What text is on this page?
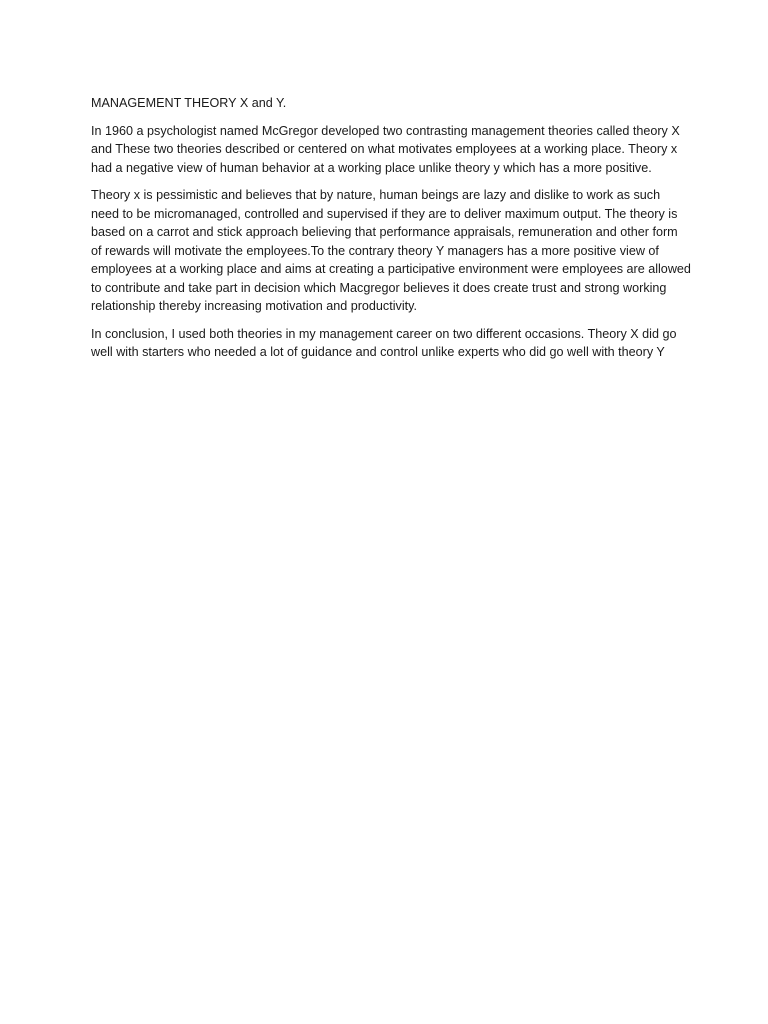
MANAGEMENT THEORY X and Y.

In 1960 a psychologist named McGregor developed two contrasting management theories called theory X and These two theories described or centered on what motivates employees at a working place. Theory x had a negative view of human behavior at a working place unlike theory y which has a more positive.

Theory x is pessimistic and believes that by nature, human beings are lazy and dislike to work as such need to be micromanaged, controlled and supervised if they are to deliver maximum output. The theory is based on a carrot and stick approach believing that performance appraisals, remuneration and other form of rewards will motivate the employees.To the contrary theory Y managers has a more positive view of employees at a working place and aims at creating a participative environment were employees are allowed to contribute and take part in decision which Macgregor believes it does create trust and strong working relationship thereby increasing motivation and productivity.

In conclusion, I used both theories in my management career on two different occasions. Theory X did go well with starters who needed a lot of guidance and control unlike experts who did go well with theory Y
